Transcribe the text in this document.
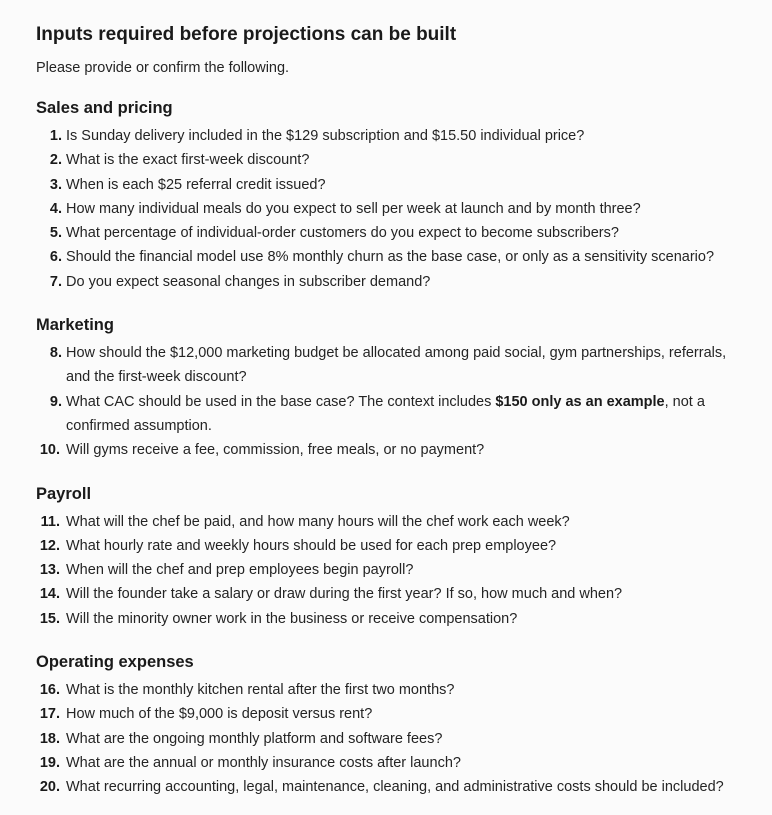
Inputs required before projections can be built

Please provide or confirm the following.

Sales and pricing
1. Is Sunday delivery included in the $129 subscription and $15.50 individual price?
2. What is the exact first-week discount?
3. When is each $25 referral credit issued?
4. How many individual meals do you expect to sell per week at launch and by month three?
5. What percentage of individual-order customers do you expect to become subscribers?
6. Should the financial model use 8% monthly churn as the base case, or only as a sensitivity scenario?
7. Do you expect seasonal changes in subscriber demand?
Marketing
8. How should the $12,000 marketing budget be allocated among paid social, gym partnerships, referrals, and the first-week discount?
9. What CAC should be used in the base case? The context includes $150 only as an example, not a confirmed assumption.
10. Will gyms receive a fee, commission, free meals, or no payment?
Payroll
11. What will the chef be paid, and how many hours will the chef work each week?
12. What hourly rate and weekly hours should be used for each prep employee?
13. When will the chef and prep employees begin payroll?
14. Will the founder take a salary or draw during the first year? If so, how much and when?
15. Will the minority owner work in the business or receive compensation?
Operating expenses
16. What is the monthly kitchen rental after the first two months?
17. How much of the $9,000 is deposit versus rent?
18. What are the ongoing monthly platform and software fees?
19. What are the annual or monthly insurance costs after launch?
20. What recurring accounting, legal, maintenance, cleaning, and administrative costs should be included?
